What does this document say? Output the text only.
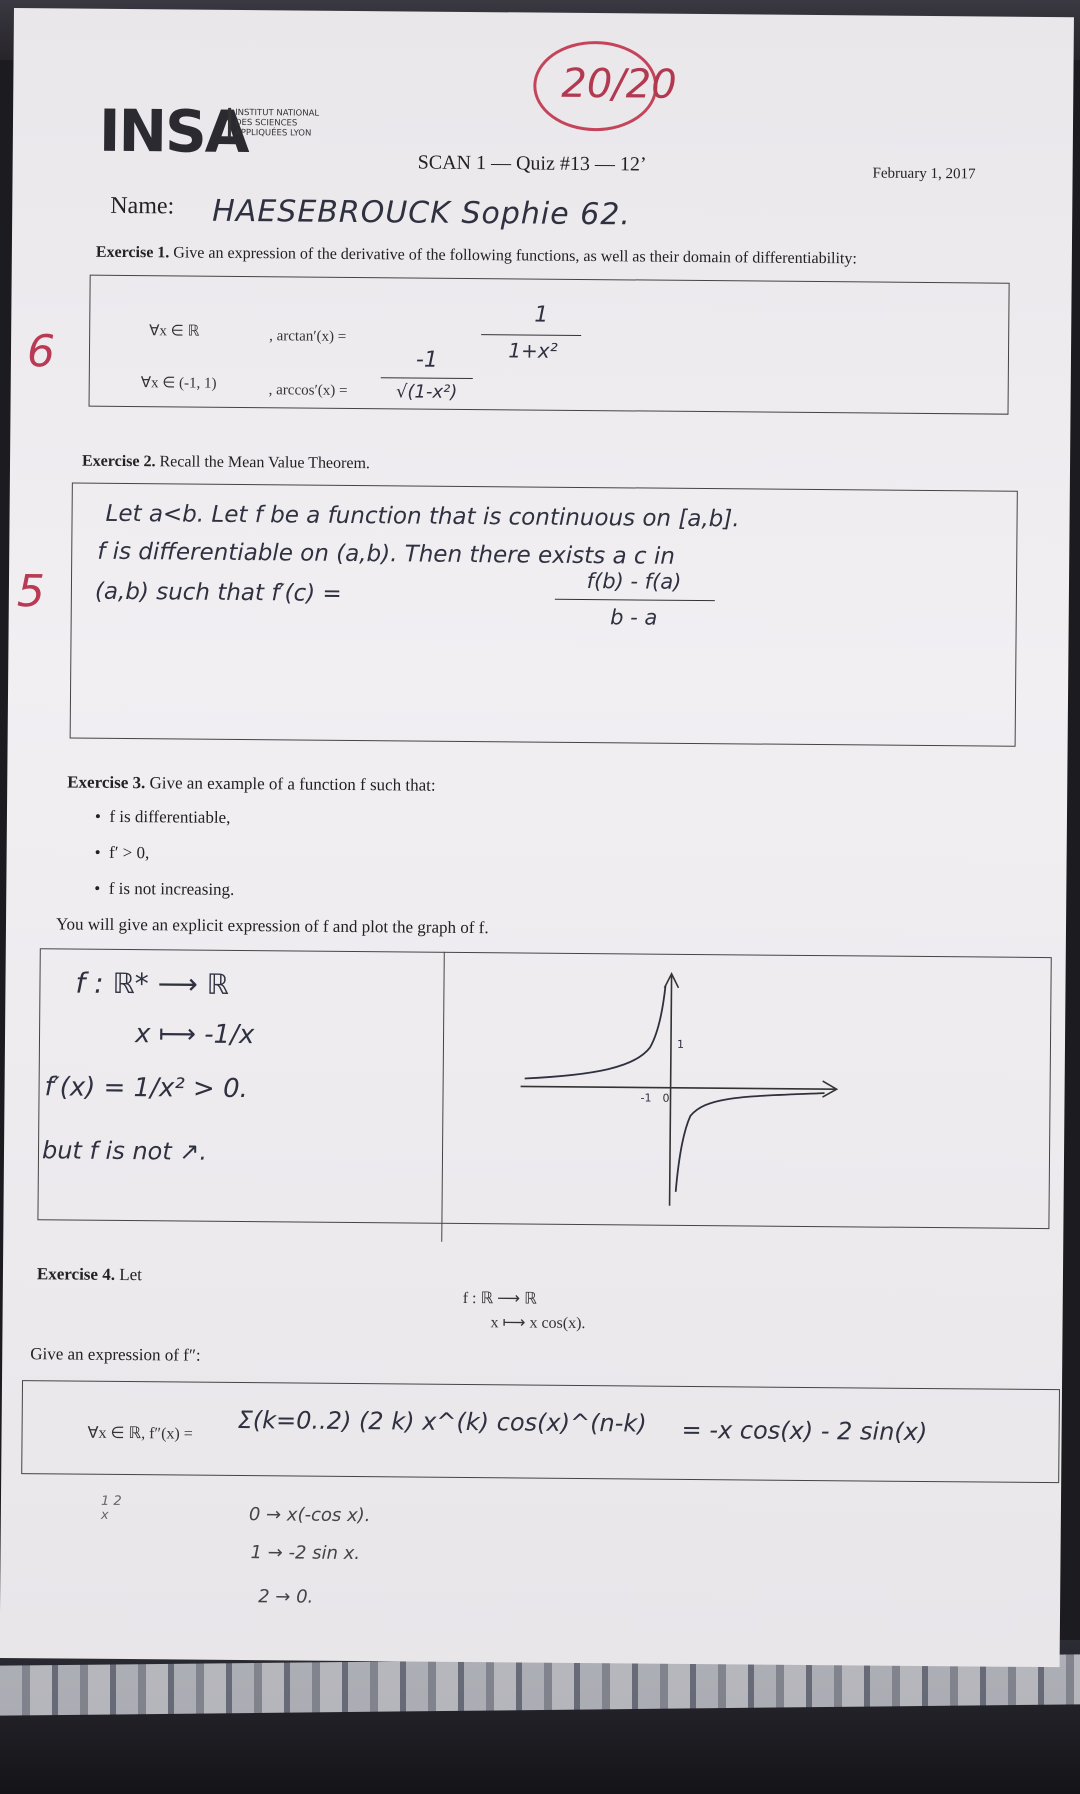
INSA
INSTITUT NATIONAL DES SCIENCES APPLIQUÉES LYON
20/20
SCAN 1 — Quiz #13 — 12’	February 1, 2017
Name: HAESEBROUCK Sophie 62.
Exercise 1. Give an expression of the derivative of the following functions, as well as their domain of differentiability:
6	∀x ∈ ℝ	, arctan′(x) =
1
1+x²
∀x ∈ (-1, 1)	, arccos′(x) =
-1
√(1-x²)
Exercise 2. Recall the Mean Value Theorem.
5
Let a<b. Let f be a function that is continuous on [a,b].
f is differentiable on (a,b). Then there exists a c in
(a,b) such that f′(c) =	f(b) - f(a)
b - a
Exercise 3. Give an example of a function f such that:
•  f is differentiable,
•  f′ > 0,
•  f is not increasing.
You will give an explicit expression of f and plot the graph of f.
f : ℝ* ⟶ ℝ
x ⟼ -1/x
f′(x) = 1/x² > 0.
but f is not ↗.
1
-1 0
Exercise 4. Let
f : ℝ ⟶ ℝ
x ⟼ x cos(x).
Give an expression of f″:
∀x ∈ ℝ, f″(x) = Σ(k=0..2) (2 k) x^(k) cos(x)^(n-k) = -x cos(x) - 2 sin(x)
1 2 x	0 → x(-cos x).
1 → -2 sin x.
2 → 0.
